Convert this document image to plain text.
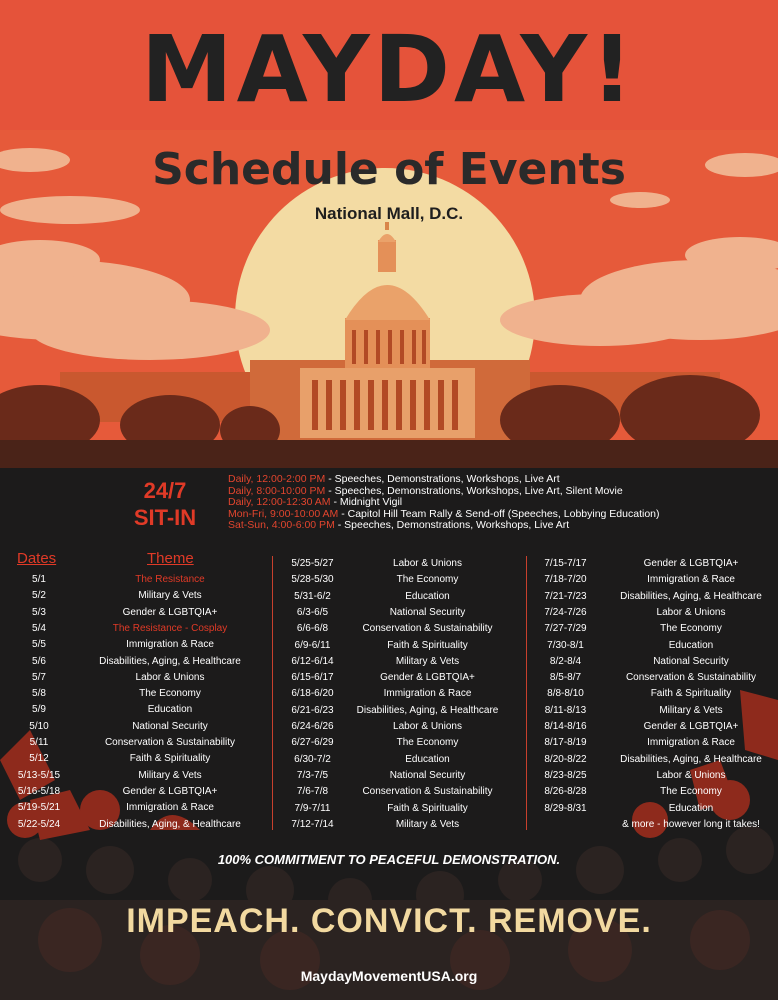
MAYDAY!
Schedule of Events
National Mall, D.C.
24/7
SIT-IN
Daily, 12:00-2:00 PM - Speeches, Demonstrations, Workshops, Live Art
Daily, 8:00-10:00 PM - Speeches, Demonstrations, Workshops, Live Art, Silent Movie
Daily, 12:00-12:30 AM - Midnight Vigil
Mon-Fri, 9:00-10:00 AM - Capitol Hill Team Rally & Send-off (Speeches, Lobbying Education)
Sat-Sun, 4:00-6:00 PM - Speeches, Demonstrations, Workshops, Live Art
Dates	Theme
5/1	The Resistance
5/2	Military & Vets
5/3	Gender & LGBTQIA+
5/4	The Resistance - Cosplay
5/5	Immigration & Race
5/6	Disabilities, Aging, & Healthcare
5/7	Labor & Unions
5/8	The Economy
5/9	Education
5/10	National Security
5/11	Conservation & Sustainability
5/12	Faith & Spirituality
5/13-5/15	Military & Vets
5/16-5/18	Gender & LGBTQIA+
5/19-5/21	Immigration & Race
5/22-5/24	Disabilities, Aging, & Healthcare
5/25-5/27	Labor & Unions
5/28-5/30	The Economy
5/31-6/2	Education
6/3-6/5	National Security
6/6-6/8	Conservation & Sustainability
6/9-6/11	Faith & Spirituality
6/12-6/14	Military & Vets
6/15-6/17	Gender & LGBTQIA+
6/18-6/20	Immigration & Race
6/21-6/23	Disabilities, Aging, & Healthcare
6/24-6/26	Labor & Unions
6/27-6/29	The Economy
6/30-7/2	Education
7/3-7/5	National Security
7/6-7/8	Conservation & Sustainability
7/9-7/11	Faith & Spirituality
7/12-7/14	Military & Vets
7/15-7/17	Gender & LGBTQIA+
7/18-7/20	Immigration & Race
7/21-7/23	Disabilities, Aging, & Healthcare
7/24-7/26	Labor & Unions
7/27-7/29	The Economy
7/30-8/1	Education
8/2-8/4	National Security
8/5-8/7	Conservation & Sustainability
8/8-8/10	Faith & Spirituality
8/11-8/13	Military & Vets
8/14-8/16	Gender & LGBTQIA+
8/17-8/19	Immigration & Race
8/20-8/22	Disabilities, Aging, & Healthcare
8/23-8/25	Labor & Unions
8/26-8/28	The Economy
8/29-8/31	Education
& more - however long it takes!
100% COMMITMENT TO PEACEFUL DEMONSTRATION.
IMPEACH. CONVICT. REMOVE.
MaydayMovementUSA.org
